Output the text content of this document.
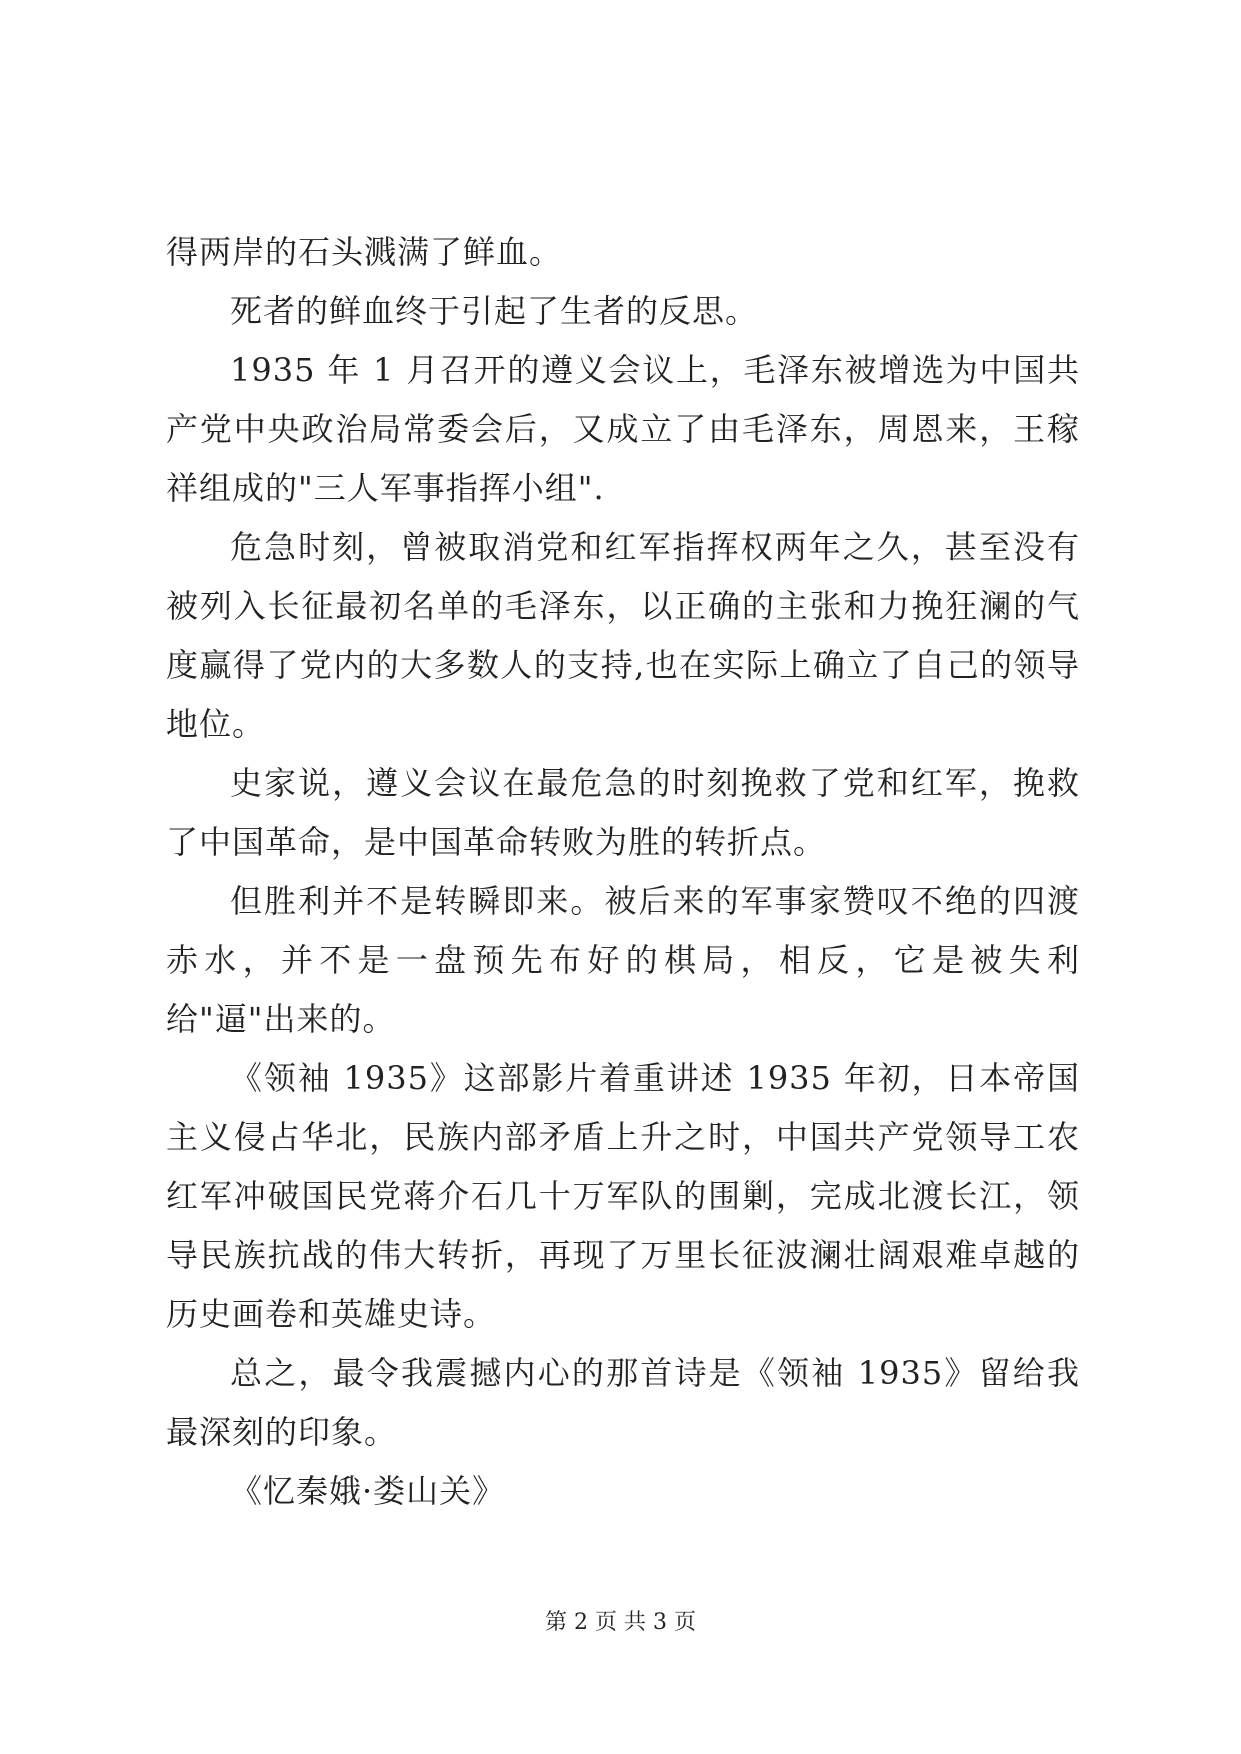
得两岸的石头溅满了鲜血。

死者的鲜血终于引起了生者的反思。

1935 年 1 月召开的遵义会议上，毛泽东被增选为中国共产党中央政治局常委会后，又成立了由毛泽东，周恩来，王稼祥组成的"三人军事指挥小组".

危急时刻，曾被取消党和红军指挥权两年之久，甚至没有被列入长征最初名单的毛泽东，以正确的主张和力挽狂澜的气度赢得了党内的大多数人的支持,也在实际上确立了自己的领导地位。

史家说，遵义会议在最危急的时刻挽救了党和红军，挽救了中国革命，是中国革命转败为胜的转折点。

但胜利并不是转瞬即来。被后来的军事家赞叹不绝的四渡赤水，并不是一盘预先布好的棋局，相反，它是被失利给"逼"出来的。

《领袖 1935》这部影片着重讲述 1935 年初，日本帝国主义侵占华北，民族内部矛盾上升之时，中国共产党领导工农红军冲破国民党蒋介石几十万军队的围剿，完成北渡长江，领导民族抗战的伟大转折，再现了万里长征波澜壮阔艰难卓越的历史画卷和英雄史诗。

总之，最令我震撼内心的那首诗是《领袖 1935》留给我最深刻的印象。

《忆秦娥·娄山关》

第 2 页 共 3 页
